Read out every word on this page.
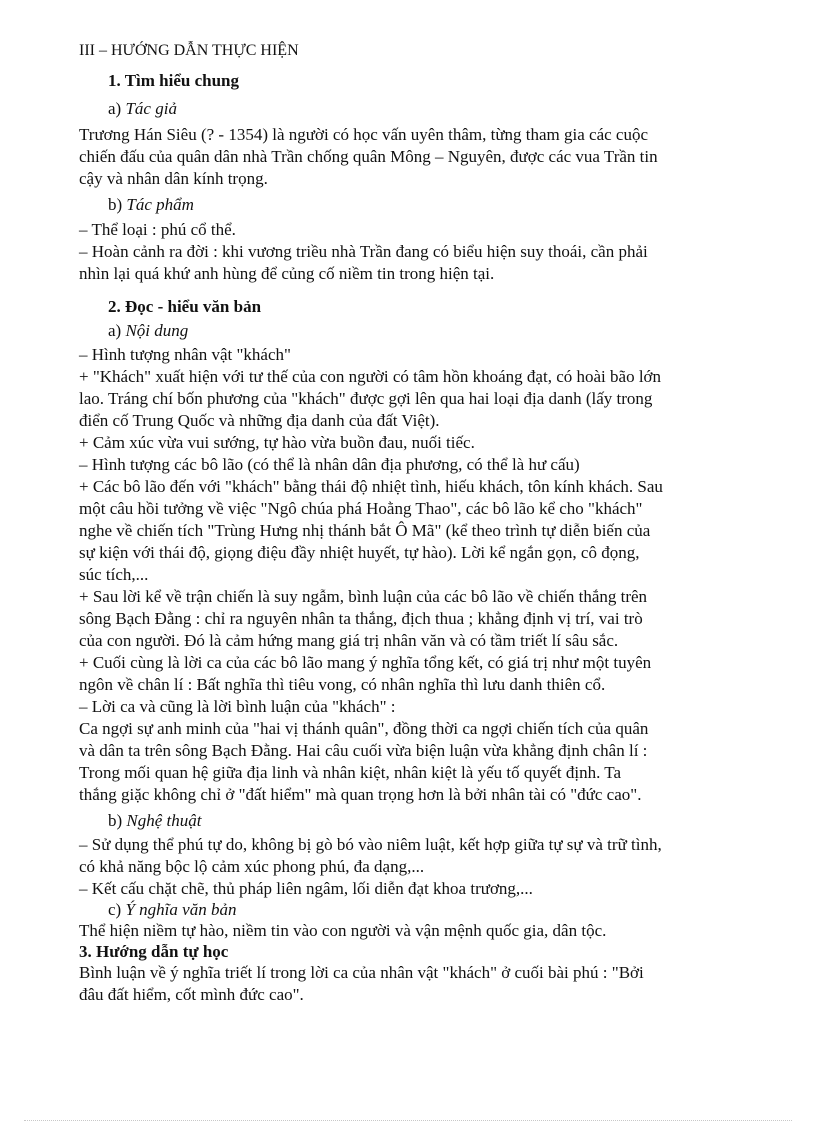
III – HƯỚNG DẪN THỰC HIỆN
1. Tìm hiểu chung
a) Tác giả
Trương Hán Siêu (? - 1354) là người có học vấn uyên thâm, từng tham gia các cuộc
chiến đấu của quân dân nhà Trần chống quân Mông – Nguyên, được các vua Trần tin
cậy và nhân dân kính trọng.
b) Tác phẩm
– Thể loại : phú cổ thể.
– Hoàn cảnh ra đời : khi vương triều nhà Trần đang có biểu hiện suy thoái, cần phải
nhìn lại quá khứ anh hùng để củng cố niềm tin trong hiện tại.
2. Đọc - hiểu văn bản
a) Nội dung
– Hình tượng nhân vật "khách"
+ "Khách" xuất hiện với tư thế của con người có tâm hồn khoáng đạt, có hoài bão lớn
lao. Tráng chí bốn phương của "khách" được gợi lên qua hai loại địa danh (lấy trong
điển cố Trung Quốc và những địa danh của đất Việt).
+ Cảm xúc vừa vui sướng, tự hào vừa buồn đau, nuối tiếc.
– Hình tượng các bô lão (có thể là nhân dân địa phương, có thể là hư cấu)
+ Các bô lão đến với "khách" bằng thái độ nhiệt tình, hiếu khách, tôn kính khách. Sau
một câu hồi tưởng về việc "Ngô chúa phá Hoằng Thao", các bô lão kể cho "khách"
nghe về chiến tích "Trùng Hưng nhị thánh bắt Ô Mã" (kể theo trình tự diễn biến của
sự kiện với thái độ, giọng điệu đầy nhiệt huyết, tự hào). Lời kể ngắn gọn, cô đọng,
súc tích,...
+ Sau lời kể về trận chiến là suy ngẫm, bình luận của các bô lão về chiến thắng trên
sông Bạch Đằng : chỉ ra nguyên nhân ta thắng, địch thua ; khẳng định vị trí, vai trò
của con người. Đó là cảm hứng mang giá trị nhân văn và có tầm triết lí sâu sắc.
+ Cuối cùng là lời ca của các bô lão mang ý nghĩa tổng kết, có giá trị như một tuyên
ngôn về chân lí : Bất nghĩa thì tiêu vong, có nhân nghĩa thì lưu danh thiên cổ.
– Lời ca và cũng là lời bình luận của "khách" :
Ca ngợi sự anh minh của "hai vị thánh quân", đồng thời ca ngợi chiến tích của quân
và dân ta trên sông Bạch Đằng. Hai câu cuối vừa biện luận vừa khẳng định chân lí :
Trong mối quan hệ giữa địa linh và nhân kiệt, nhân kiệt là yếu tố quyết định. Ta
thắng giặc không chỉ ở "đất hiểm" mà quan trọng hơn là bởi nhân tài có "đức cao".
b) Nghệ thuật
– Sử dụng thể phú tự do, không bị gò bó vào niêm luật, kết hợp giữa tự sự và trữ tình,
có khả năng bộc lộ cảm xúc phong phú, đa dạng,...
– Kết cấu chặt chẽ, thủ pháp liên ngâm, lối diễn đạt khoa trương,...
c) Ý nghĩa văn bản
Thể hiện niềm tự hào, niềm tin vào con người và vận mệnh quốc gia, dân tộc.
3. Hướng dẫn tự học
Bình luận về ý nghĩa triết lí trong lời ca của nhân vật "khách" ở cuối bài phú : "Bởi
đâu đất hiểm, cốt mình đức cao".
